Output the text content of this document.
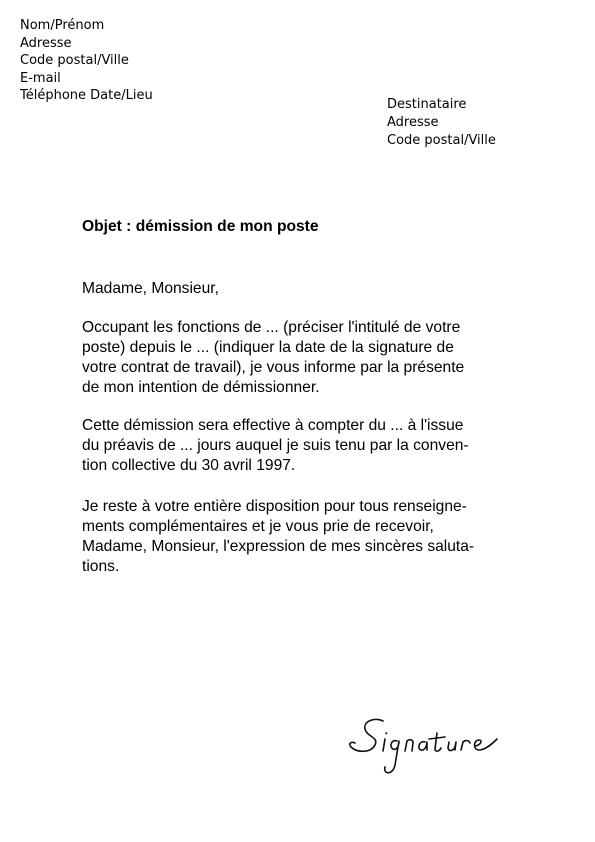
Nom/Prénom
Adresse
Code postal/Ville
E-mail
Téléphone Date/Lieu
Destinataire
Adresse
Code postal/Ville

Objet : démission de mon poste

Madame, Monsieur,

Occupant les fonctions de ... (préciser l'intitulé de votre
poste) depuis le ... (indiquer la date de la signature de
votre contrat de travail), je vous informe par la présente
de mon intention de démissionner.
Cette démission sera effective à compter du ... à l'issue
du préavis de ... jours auquel je suis tenu par la conven-
tion collective du 30 avril 1997.
Je reste à votre entière disposition pour tous renseigne-
ments complémentaires et je vous prie de recevoir,
Madame, Monsieur, l'expression de mes sincères saluta-
tions.
